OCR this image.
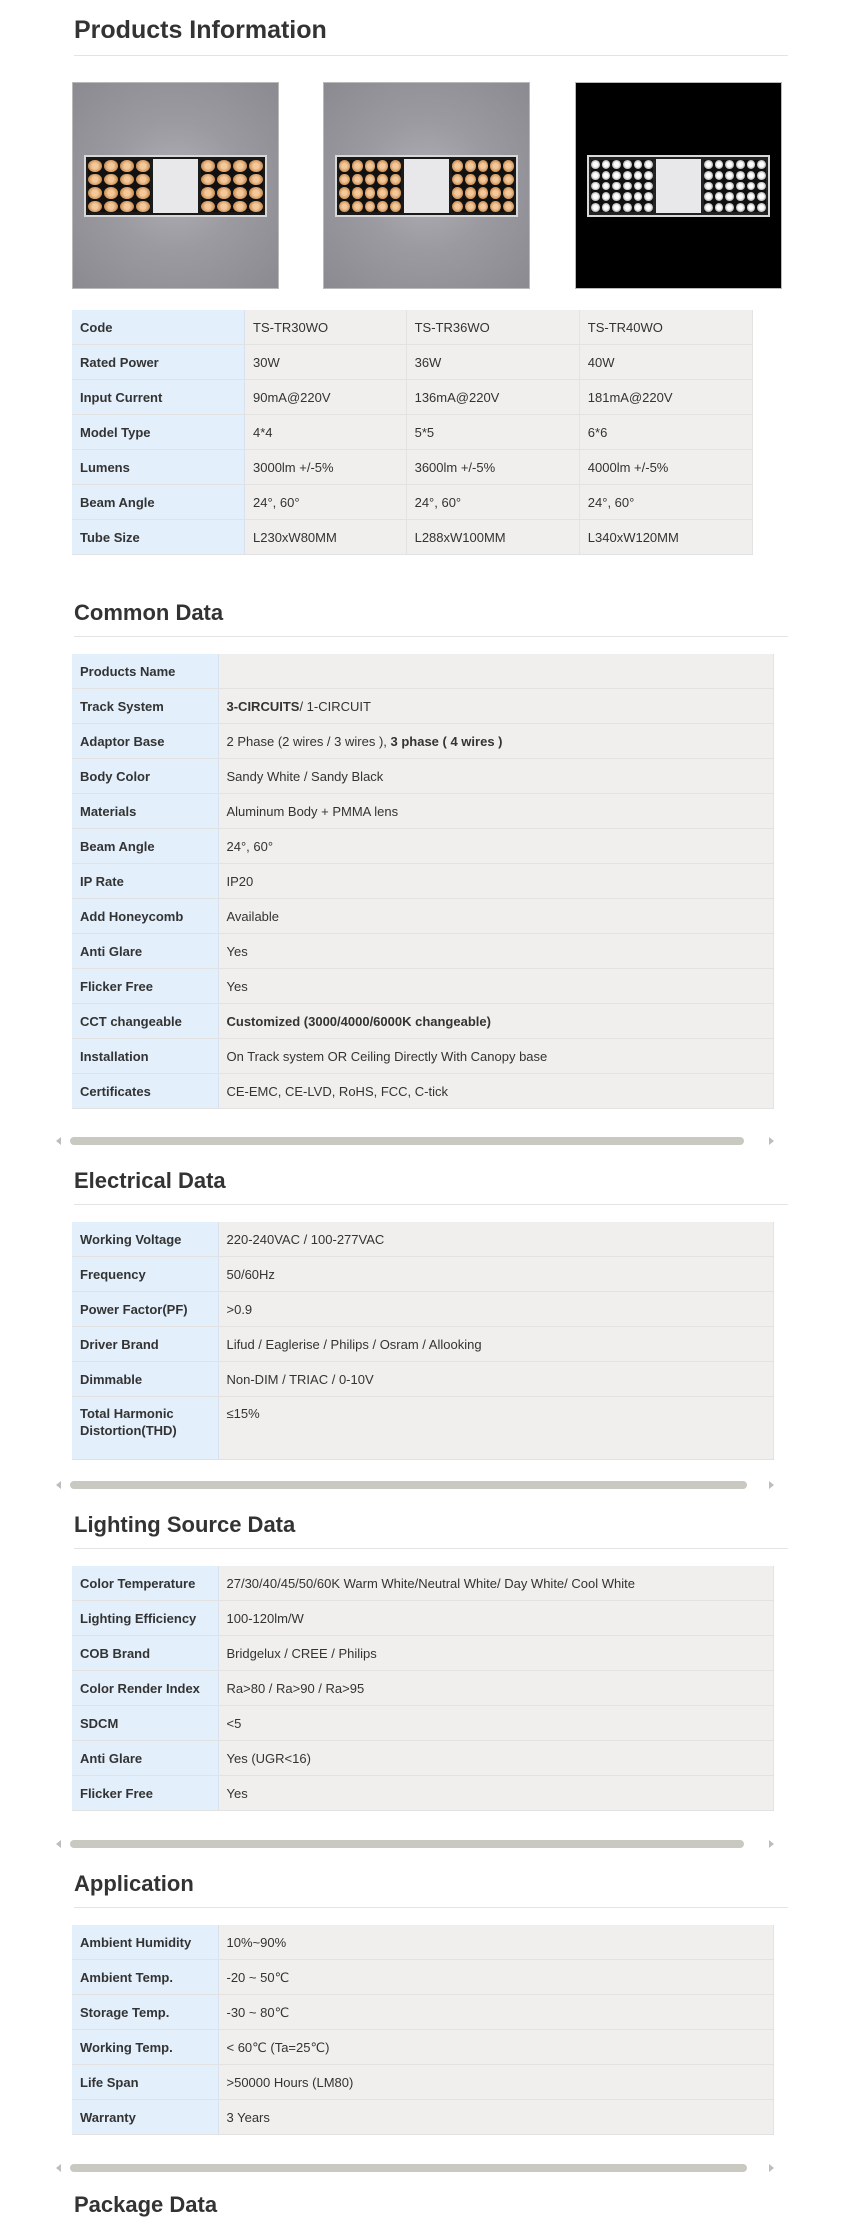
Products Information
Code	TS-TR30WO	TS-TR36WO	TS-TR40WO
Rated Power	30W	36W	40W
Input Current	90mA@220V	136mA@220V	181mA@220V
Model Type	4*4	5*5	6*6
Lumens	3000lm +/-5%	3600lm +/-5%	4000lm +/-5%
Beam Angle	24°, 60°	24°, 60°	24°, 60°
Tube Size	L230xW80MM	L288xW100MM	L340xW120MM
Common Data
Products Name	
Track System	3-CIRCUITS/ 1-CIRCUIT
Adaptor Base	2 Phase (2 wires / 3 wires ), 3 phase ( 4 wires )
Body Color	Sandy White / Sandy Black
Materials	Aluminum Body + PMMA lens
Beam Angle	24°, 60°
IP Rate	IP20
Add Honeycomb	Available
Anti Glare	Yes
Flicker Free	Yes
CCT changeable	Customized (3000/4000/6000K changeable)
Installation	On Track system OR Ceiling Directly With Canopy base
Certificates	CE-EMC, CE-LVD, RoHS, FCC, C-tick
Electrical Data
Working Voltage	220-240VAC / 100-277VAC
Frequency	50/60Hz
Power Factor(PF)	>0.9
Driver Brand	Lifud / Eaglerise / Philips / Osram / Allooking
Dimmable	Non-DIM / TRIAC / 0-10V
Total Harmonic Distortion(THD)	≤15%
Lighting Source Data
Color Temperature	27/30/40/45/50/60K Warm White/Neutral White/ Day White/ Cool White
Lighting Efficiency	100-120lm/W
COB Brand	Bridgelux / CREE / Philips
Color Render Index	Ra>80 / Ra>90 / Ra>95
SDCM	<5
Anti Glare	Yes (UGR<16)
Flicker Free	Yes
Application
Ambient Humidity	10%~90%
Ambient Temp.	-20 ~ 50℃
Storage Temp.	-30 ~ 80℃
Working Temp.	< 60℃ (Ta=25℃)
Life Span	>50000 Hours (LM80)
Warranty	3 Years
Package Data
